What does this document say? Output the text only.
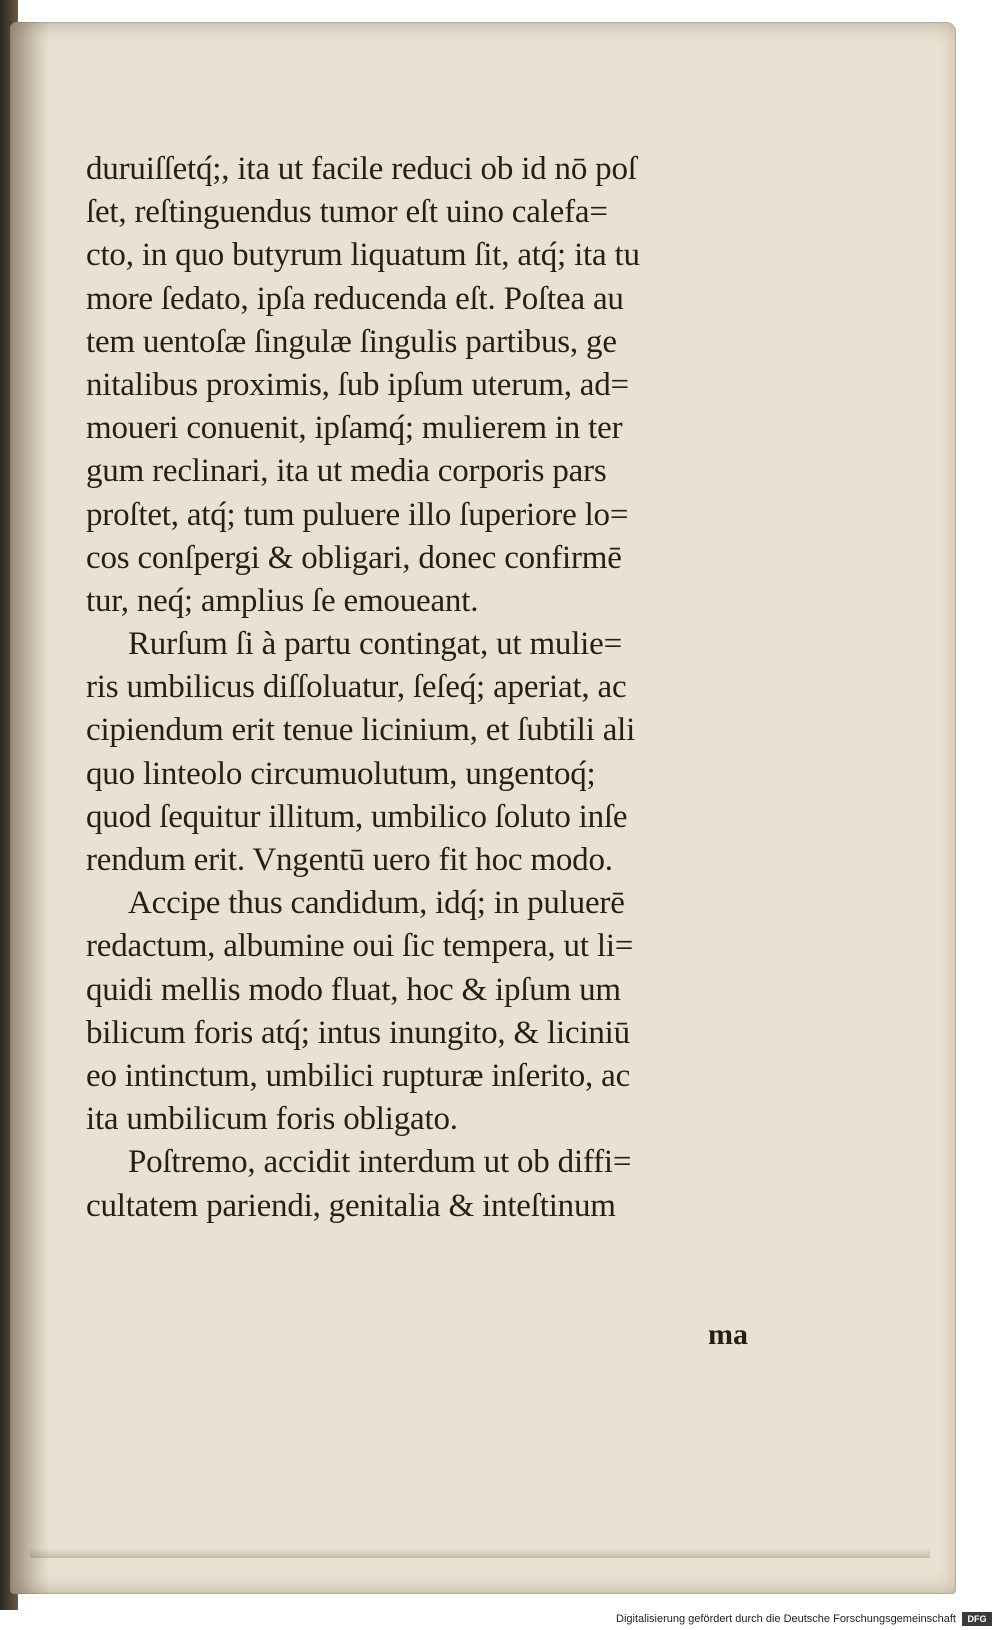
duruiſſetq́;, ita ut facile reduci ob id nō poſ
ſet, reſtinguendus tumor eſt uino calefa=
cto, in quo butyrum liquatum ſit, atq́; ita tu
more ſedato, ipſa reducenda eſt. Poſtea au
tem uentoſæ ſingulæ ſingulis partibus, ge
nitalibus proximis, ſub ipſum uterum, ad=
moueri conuenit, ipſamq́; mulierem in ter
gum reclinari, ita ut media corporis pars
proſtet, atq́; tum puluere illo ſuperiore lo=
cos conſpergi & obligari, donec confirmē
tur, neq́; amplius ſe emoueant.
Rurſum ſi à partu contingat, ut mulie=
ris umbilicus diſſoluatur, ſeſeq́; aperiat, ac
cipiendum erit tenue licinium, et ſubtili ali
quo linteolo circumuolutum, ungentoq́;
quod ſequitur illitum, umbilico ſoluto inſe
rendum erit. Vngentū uero fit hoc modo.
Accipe thus candidum, idq́; in puluerē
redactum, albumine oui ſic tempera, ut li=
quidi mellis modo fluat, hoc & ipſum um
bilicum foris atq́; intus inungito, & liciniū
eo intinctum, umbilici rupturæ inſerito, ac
ita umbilicum foris obligato.
Poſtremo, accidit interdum ut ob diffi=
cultatem pariendi, genitalia & inteſtinum
ma
Digitalisierung gefördert durch die Deutsche Forschungsgemeinschaft	DFG
